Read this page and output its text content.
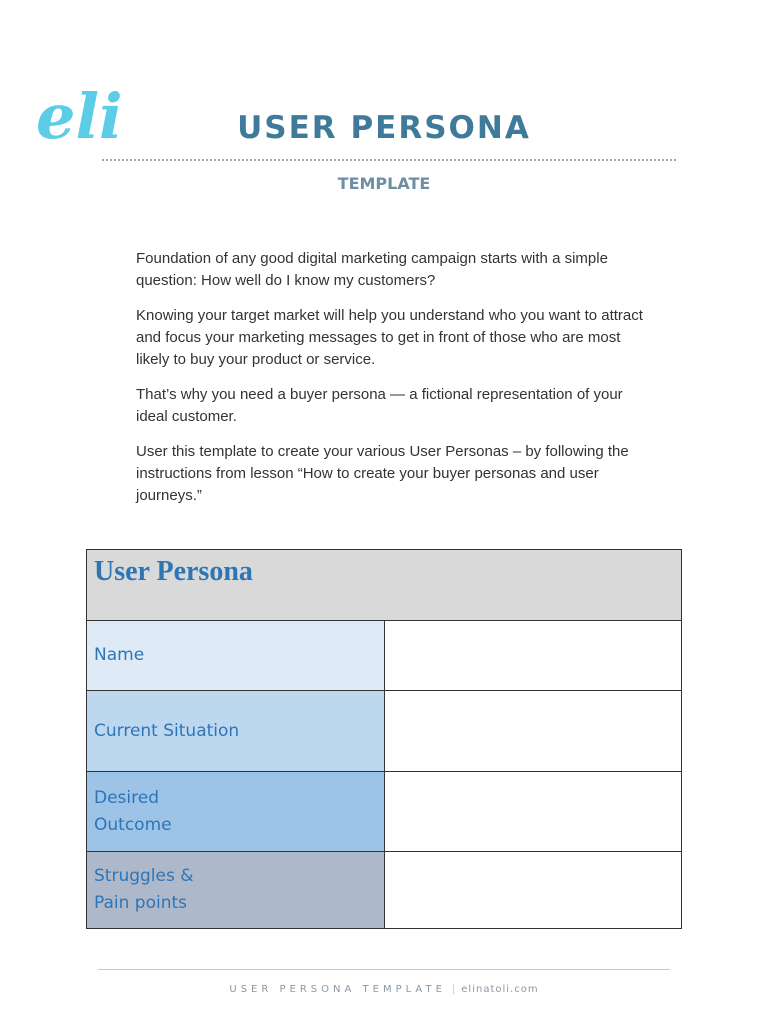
eli	USER PERSONA
TEMPLATE

Foundation of any good digital marketing campaign starts with a simple question: How well do I know my customers?

Knowing your target market will help you understand who you want to attract and focus your marketing messages to get in front of those who are most likely to buy your product or service.

That’s why you need a buyer persona — a fictional representation of your ideal customer.

User this template to create your various User Personas – by following the instructions from lesson “How to create your buyer personas and user journeys.”

User Persona	

Name	

Current Situation	

Desired
Outcome	

Struggles &
Pain points	

USER PERSONA TEMPLATE | elinatoli.com
